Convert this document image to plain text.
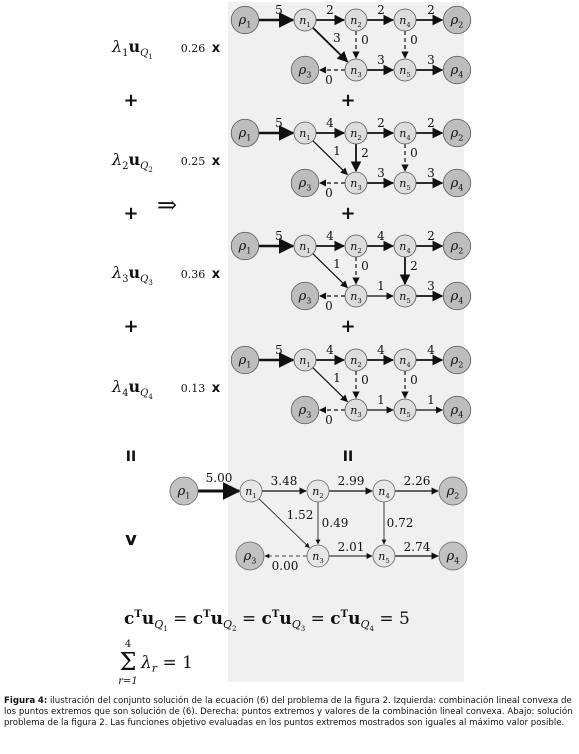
$\lambda_1u_Q1$
0.26 x
$\lambda_2u_Q2$
0.25 x
$\lambda_3u_Q3$
0.36 x
$\lambda_4u_Q4$
0.13 x
+	+
+	+
+	+
⇒
II	II
v
5	2	2	2
3 0	0
0
3	3
$\rho_1$	$n_1$	$n_2$	$n_4$	$\rho_2$
$\rho_3$	$n_3$	$n_5$	$\rho_4$
5	4	2	2
1 2	0
0
3	3
$\rho_1$	$n_1$	$n_2$	$n_4$	$\rho_2$
$\rho_3$	$n_3$	$n_5$	$\rho_4$
5	4	4	2
1 0	2
0
1	3
$\rho_1$	$n_1$	$n_2$	$n_4$	$\rho_2$
$\rho_3$	$n_3$	$n_5$	$\rho_4$
5	4	4	4
1 0	0
0
1	1
$\rho_1$	$n_1$	$n_2$	$n_4$	$\rho_2$
$\rho_3$	$n_3$	$n_5$	$\rho_4$
5.00	3.48	2.99	2.26
1.52
0.49	0.72
0.00
2.01	2.74
$\rho_1$	$n_1$	$n_2$	$n_4$	$\rho_2$
$\rho_3$	$n_3$	$n_5$	$\rho_4$
$c^Tu_Q1 = c^Tu_Q2 = c^Tu_Q3 = c^Tu_Q4 = 5$
4
Σ
r=1
$\lambda_r = 1$
Figura 4: ilustración del conjunto solución de la ecuación (6) del problema de la figura 2. Izquierda: combinación lineal convexa de los puntos extremos que son solución de (6). Derecha: puntos extremos y valores de la combinación lineal convexa. Abajo: solución problema de la figura 2. Las funciones objetivo evaluadas en los puntos extremos mostrados son iguales al máximo valor posible.
